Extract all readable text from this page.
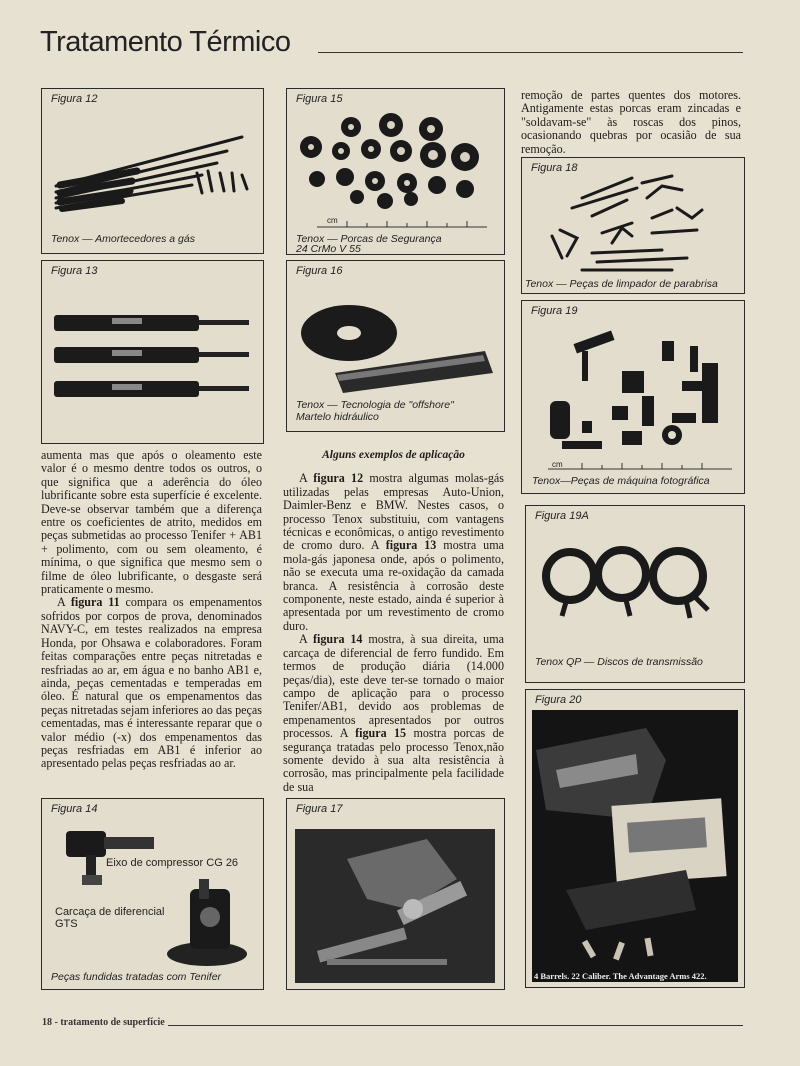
Tratamento Térmico
Figura 12
Tenox — Amortecedores a gás
Figura 13
Figura 15
cm
Tenox — Porcas de Segurança
24 CrMo V 55
Figura 16
Tenox — Tecnologia de "offshore"
Martelo hidráulico

aumenta mas que após o oleamento este valor é o mesmo dentre todos os outros, o que significa que a aderência do óleo lubrificante sobre esta superfície é excelente. Deve-se observar também que a diferença entre os coeficientes de atrito, medidos em peças submetidas ao processo Tenifer + AB1 + polimento, com ou sem oleamento, é mínima, o que significa que mesmo sem o filme de óleo lubrificante, o desgaste será praticamente o mesmo.

A figura 11 compara os empenamentos sofridos por corpos de prova, denominados NAVY-C, em testes realizados na empresa Honda, por Ohsawa e colaboradores. Foram feitas comparações entre peças nitretadas e resfriadas ao ar, em água e no banho AB1 e, ainda, peças cementadas e temperadas em óleo. É natural que os empenamentos das peças nitretadas sejam inferiores ao das peças cementadas, mas é interessante reparar que o valor médio (-x) dos empenamentos das peças resfriadas em AB1 é inferior ao apresentado pelas peças resfriadas ao ar.

Alguns exemplos de aplicação

A figura 12 mostra algumas molas-gás utilizadas pelas empresas Auto-Union, Daimler-Benz e BMW. Nestes casos, o processo Tenox substituiu, com vantagens técnicas e econômicas, o antigo revestimento de cromo duro. A figura 13 mostra uma mola-gás japonesa onde, após o polimento, não se executa uma re-oxidação da camada branca. A resistência à corrosão deste componente, neste estado, ainda é superior à apresentada por um revestimento de cromo duro.

A figura 14 mostra, à sua direita, uma carcaça de diferencial de ferro fundido. Em termos de produção diária (14.000 peças/dia), este deve ter-se tornado o maior campo de aplicação para o processo Tenifer/AB1, devido aos problemas de empenamentos apresentados por outros processos. A figura 15 mostra porcas de segurança tratadas pelo processo Tenox,não somente devido à sua alta resistência à corrosão, mas principalmente pela facilidade de sua

remoção de partes quentes dos motores. Antigamente estas porcas eram zincadas e "soldavam-se" às roscas dos pinos, ocasionando quebras por ocasião de sua remoção.

Figura 18
Tenox — Peças de limpador de parabrisa
Figura 19
cm
Tenox—Peças de máquina fotográfica
Figura 19A
Tenox QP — Discos de transmissão
Figura 20
4 Barrels. 22 Caliber. The Advantage Arms 422.
Figura 14
Eixo de compressor CG 26
Carcaça de diferencial
GTS
Peças fundidas tratadas com Tenifer
Figura 17
18 - tratamento de superfície
